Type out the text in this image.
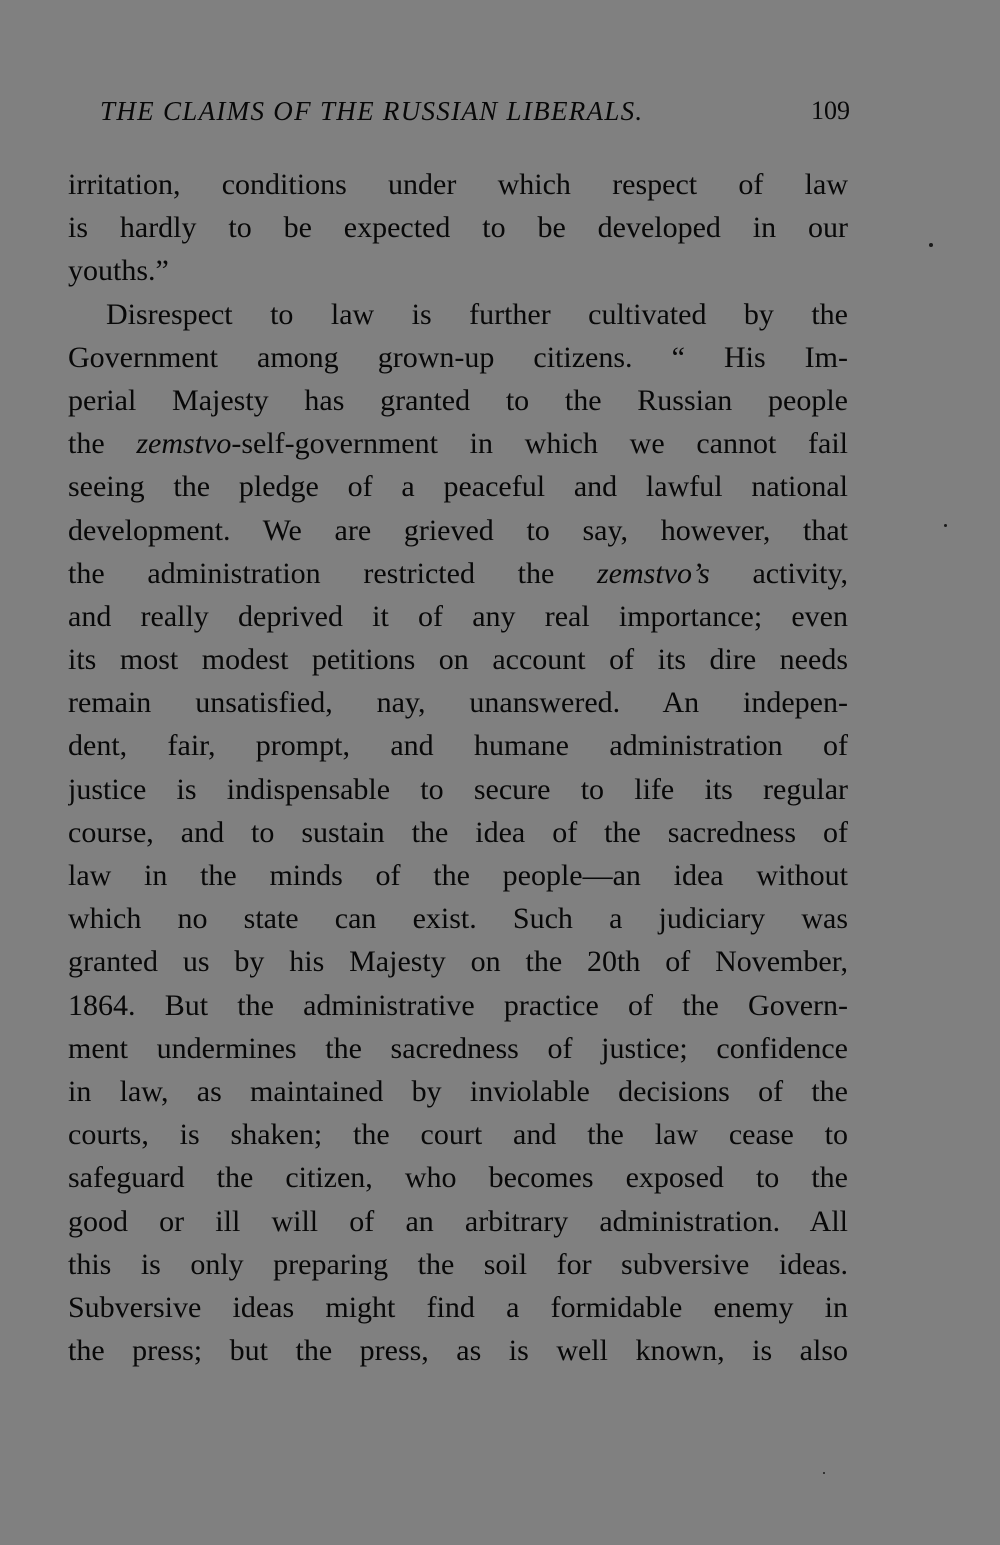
THE CLAIMS OF THE RUSSIAN LIBERALS.	109
irritation, conditions under which respect of law
is hardly to be expected to be developed in our
youths.”
Disrespect to law is further cultivated by the
Government among grown-up citizens. “ His Im-
perial Majesty has granted to the Russian people
the zemstvo-self-government in which we cannot fail
seeing the pledge of a peaceful and lawful national
development. We are grieved to say, however, that
the administration restricted the zemstvo’s activity,
and really deprived it of any real importance; even
its most modest petitions on account of its dire needs
remain unsatisfied, nay, unanswered. An indepen-
dent, fair, prompt, and humane administration of
justice is indispensable to secure to life its regular
course, and to sustain the idea of the sacredness of
law in the minds of the people—an idea without
which no state can exist. Such a judiciary was
granted us by his Majesty on the 20th of November,
1864. But the administrative practice of the Govern-
ment undermines the sacredness of justice; confidence
in law, as maintained by inviolable decisions of the
courts, is shaken; the court and the law cease to
safeguard the citizen, who becomes exposed to the
good or ill will of an arbitrary administration. All
this is only preparing the soil for subversive ideas.
Subversive ideas might find a formidable enemy in
the press; but the press, as is well known, is also
